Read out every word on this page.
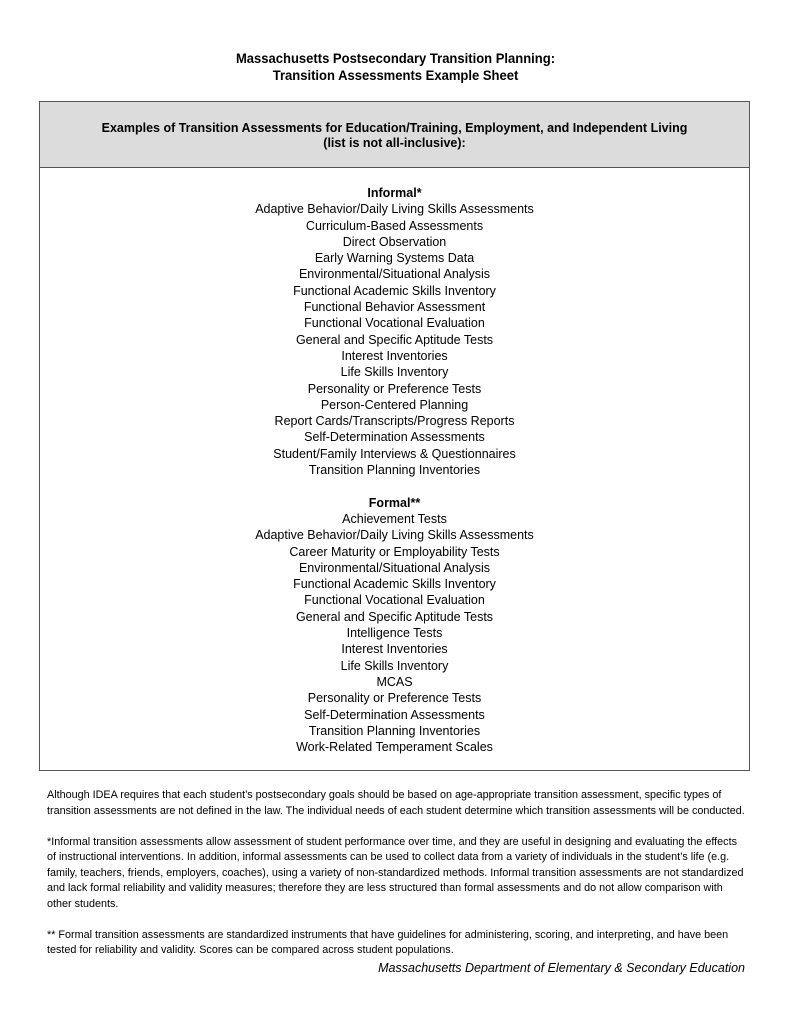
Massachusetts Postsecondary Transition Planning:
Transition Assessments Example Sheet
Examples of Transition Assessments for Education/Training, Employment, and Independent Living
(list is not all-inclusive):
Informal*
Adaptive Behavior/Daily Living Skills Assessments
Curriculum-Based Assessments
Direct Observation
Early Warning Systems Data
Environmental/Situational Analysis
Functional Academic Skills Inventory
Functional Behavior Assessment
Functional Vocational Evaluation
General and Specific Aptitude Tests
Interest Inventories
Life Skills Inventory
Personality or Preference Tests
Person-Centered Planning
Report Cards/Transcripts/Progress Reports
Self-Determination Assessments
Student/Family Interviews & Questionnaires
Transition Planning Inventories
Formal**
Achievement Tests
Adaptive Behavior/Daily Living Skills Assessments
Career Maturity or Employability Tests
Environmental/Situational Analysis
Functional Academic Skills Inventory
Functional Vocational Evaluation
General and Specific Aptitude Tests
Intelligence Tests
Interest Inventories
Life Skills Inventory
MCAS
Personality or Preference Tests
Self-Determination Assessments
Transition Planning Inventories
Work-Related Temperament Scales

Although IDEA requires that each student’s postsecondary goals should be based on age-appropriate transition assessment, specific types of transition assessments are not defined in the law. The individual needs of each student determine which transition assessments will be conducted.

*Informal transition assessments allow assessment of student performance over time, and they are useful in designing and evaluating the effects of instructional interventions. In addition, informal assessments can be used to collect data from a variety of individuals in the student’s life (e.g. family, teachers, friends, employers, coaches), using a variety of non-standardized methods. Informal transition assessments are not standardized and lack formal reliability and validity measures; therefore they are less structured than formal assessments and do not allow comparison with other students.

** Formal transition assessments are standardized instruments that have guidelines for administering, scoring, and interpreting, and have been tested for reliability and validity. Scores can be compared across student populations.

Massachusetts Department of Elementary & Secondary Education
